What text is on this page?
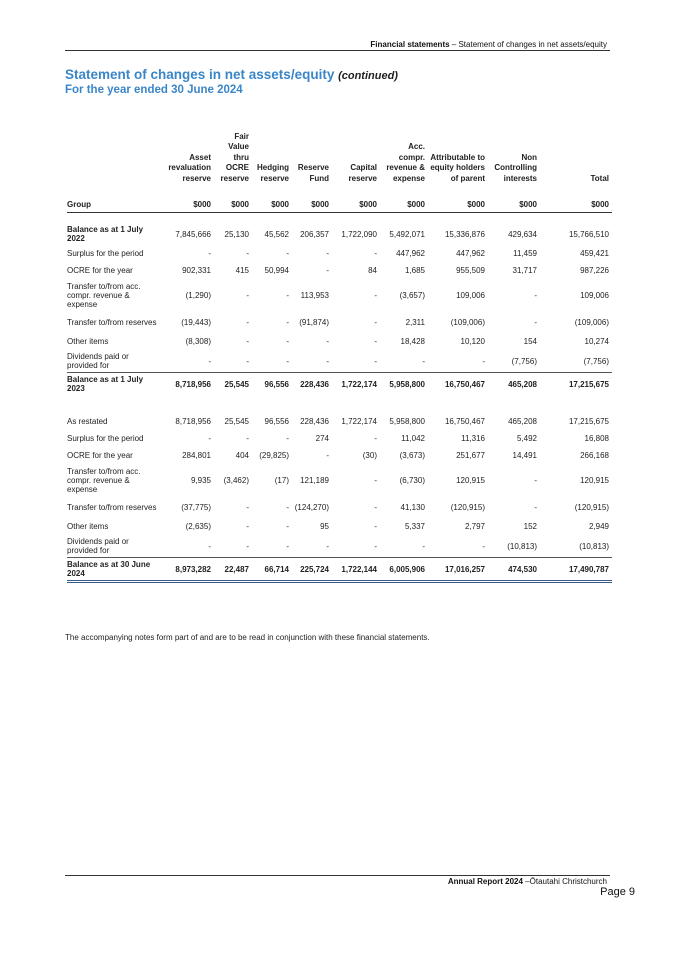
Financial statements – Statement of changes in net assets/equity
Statement of changes in net assets/equity (continued)
For the year ended 30 June 2024
	Asset revaluation reserve	Fair Value thru OCRE reserve	Hedging reserve	Reserve Fund	Capital reserve	Acc. compr. revenue & expense	Attributable to equity holders of parent	Non Controlling interests	Total
Group	$000	$000	$000	$000	$000	$000	$000	$000	$000

Balance as at 1 July 2022	7,845,666	25,130	45,562	206,357	1,722,090	5,492,071	15,336,876	429,634	15,766,510
Surplus for the period	-	-	-	-	-	447,962	447,962	11,459	459,421
OCRE for the year	902,331	415	50,994	-	84	1,685	955,509	31,717	987,226
Transfer to/from acc. compr. revenue & expense	(1,290)	-	-	113,953	-	(3,657)	109,006	-	109,006
Transfer to/from reserves	(19,443)	-	-	(91,874)	-	2,311	(109,006)	-	(109,006)
Other items	(8,308)	-	-	-	-	18,428	10,120	154	10,274
Dividends paid or provided for	-	-	-	-	-	-	-	(7,756)	(7,756)
Balance as at 1 July 2023	8,718,956	25,545	96,556	228,436	1,722,174	5,958,800	16,750,467	465,208	17,215,675

As restated	8,718,956	25,545	96,556	228,436	1,722,174	5,958,800	16,750,467	465,208	17,215,675
Surplus for the period	-	-	-	274	-	11,042	11,316	5,492	16,808
OCRE for the year	284,801	404	(29,825)	-	(30)	(3,673)	251,677	14,491	266,168
Transfer to/from acc. compr. revenue & expense	9,935	(3,462)	(17)	121,189	-	(6,730)	120,915	-	120,915
Transfer to/from reserves	(37,775)	-	-	(124,270)	-	41,130	(120,915)	-	(120,915)
Other items	(2,635)	-	-	95	-	5,337	2,797	152	2,949
Dividends paid or provided for	-	-	-	-	-	-	-	(10,813)	(10,813)
Balance as at 30 June 2024	8,973,282	22,487	66,714	225,724	1,722,144	6,005,906	17,016,257	474,530	17,490,787
The accompanying notes form part of and are to be read in conjunction with these financial statements.
Annual Report 2024 –Ōtautahi Christchurch
Page 9
